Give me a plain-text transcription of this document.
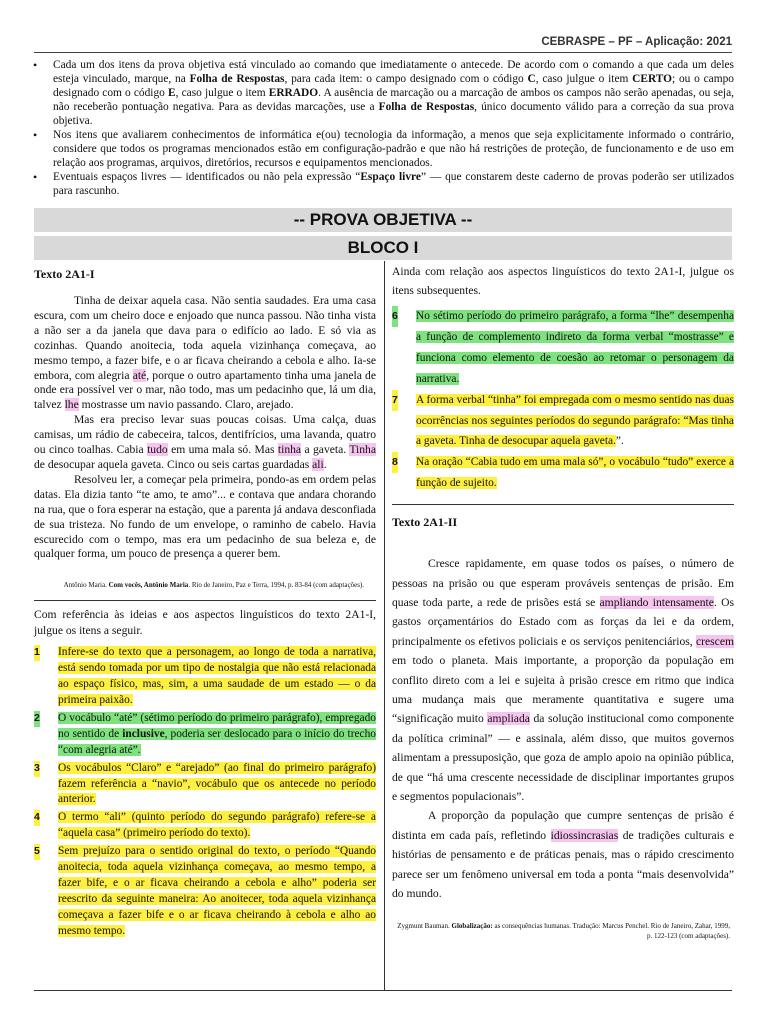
CEBRASPE – PF – Aplicação: 2021
• Cada um dos itens da prova objetiva está vinculado ao comando que imediatamente o antecede. De acordo com o comando a que cada um deles esteja vinculado, marque, na Folha de Respostas, para cada item: o campo designado com o código C, caso julgue o item CERTO; ou o campo designado com o código E, caso julgue o item ERRADO. A ausência de marcação ou a marcação de ambos os campos não serão apenadas, ou seja, não receberão pontuação negativa. Para as devidas marcações, use a Folha de Respostas, único documento válido para a correção da sua prova objetiva.
• Nos itens que avaliarem conhecimentos de informática e(ou) tecnologia da informação, a menos que seja explicitamente informado o contrário, considere que todos os programas mencionados estão em configuração-padrão e que não há restrições de proteção, de funcionamento e de uso em relação aos programas, arquivos, diretórios, recursos e equipamentos mencionados.
• Eventuais espaços livres — identificados ou não pela expressão “Espaço livre” — que constarem deste caderno de provas poderão ser utilizados para rascunho.
-- PROVA OBJETIVA --
BLOCO I
Texto 2A1-I

Tinha de deixar aquela casa. Não sentia saudades. Era uma casa escura, com um cheiro doce e enjoado que nunca passou. Não tinha vista a não ser a da janela que dava para o edifício ao lado. E só via as cozinhas. Quando anoitecia, toda aquela vizinhança começava, ao mesmo tempo, a fazer bife, e o ar ficava cheirando a cebola e alho. Ia-se embora, com alegria até, porque o outro apartamento tinha uma janela de onde era possível ver o mar, não todo, mas um pedacinho que, lá um dia, talvez lhe mostrasse um navio passando. Claro, arejado.

Mas era preciso levar suas poucas coisas. Uma calça, duas camisas, um rádio de cabeceira, talcos, dentifrícios, uma lavanda, quatro ou cinco toalhas. Cabia tudo em uma mala só. Mas tinha a gaveta. Tinha de desocupar aquela gaveta. Cinco ou seis cartas guardadas ali.

Resolveu ler, a começar pela primeira, pondo-as em ordem pelas datas. Ela dizia tanto “te amo, te amo”... e contava que andara chorando na rua, que o fora esperar na estação, que a parenta já andava desconfiada de sua tristeza. No fundo de um envelope, o raminho de cabelo. Havia escurecido com o tempo, mas era um pedacinho de sua beleza e, de qualquer forma, um pouco de presença a querer bem.

Antônio Maria. Com vocês, Antônio Maria. Rio de Janeiro, Paz e Terra, 1994, p. 83-84 (com adaptações).
Com referência às ideias e aos aspectos linguísticos do texto 2A1-I, julgue os itens a seguir.
1 Infere-se do texto que a personagem, ao longo de toda a narrativa, está sendo tomada por um tipo de nostalgia que não está relacionada ao espaço físico, mas, sim, a uma saudade de um estado — o da primeira paixão.
2 O vocábulo “até” (sétimo período do primeiro parágrafo), empregado no sentido de inclusive, poderia ser deslocado para o início do trecho “com alegria até”.
3 Os vocábulos “Claro” e “arejado” (ao final do primeiro parágrafo) fazem referência a “navio”, vocábulo que os antecede no período anterior.
4 O termo “ali” (quinto período do segundo parágrafo) refere-se a “aquela casa” (primeiro período do texto).
5 Sem prejuízo para o sentido original do texto, o período “Quando anoitecia, toda aquela vizinhança começava, ao mesmo tempo, a fazer bife, e o ar ficava cheirando a cebola e alho” poderia ser reescrito da seguinte maneira: Ao anoitecer, toda aquela vizinhança começava a fazer bife e o ar ficava cheirando à cebola e alho ao mesmo tempo.
Ainda com relação aos aspectos linguísticos do texto 2A1-I, julgue os itens subsequentes.
6 No sétimo período do primeiro parágrafo, a forma “lhe” desempenha a função de complemento indireto da forma verbal “mostrasse” e funciona como elemento de coesão ao retomar o personagem da narrativa.
7 A forma verbal “tinha” foi empregada com o mesmo sentido nas duas ocorrências nos seguintes períodos do segundo parágrafo: “Mas tinha a gaveta. Tinha de desocupar aquela gaveta.”.
8 Na oração “Cabia tudo em uma mala só”, o vocábulo “tudo” exerce a função de sujeito.
Texto 2A1-II

Cresce rapidamente, em quase todos os países, o número de pessoas na prisão ou que esperam prováveis sentenças de prisão. Em quase toda parte, a rede de prisões está se ampliando intensamente. Os gastos orçamentários do Estado com as forças da lei e da ordem, principalmente os efetivos policiais e os serviços penitenciários, crescem em todo o planeta. Mais importante, a proporção da população em conflito direto com a lei e sujeita à prisão cresce em ritmo que indica uma mudança mais que meramente quantitativa e sugere uma “significação muito ampliada da solução institucional como componente da política criminal” — e assinala, além disso, que muitos governos alimentam a pressuposição, que goza de amplo apoio na opinião pública, de que “há uma crescente necessidade de disciplinar importantes grupos e segmentos populacionais”.

A proporção da população que cumpre sentenças de prisão é distinta em cada país, refletindo idiossincrasias de tradições culturais e histórias de pensamento e de práticas penais, mas o rápido crescimento parece ser um fenômeno universal em toda a ponta “mais desenvolvida” do mundo.

Zygmunt Bauman. Globalização: as consequências humanas. Tradução: Marcus Penchel. Rio de Janeiro, Zahar, 1999, p. 122-123 (com adaptações).
